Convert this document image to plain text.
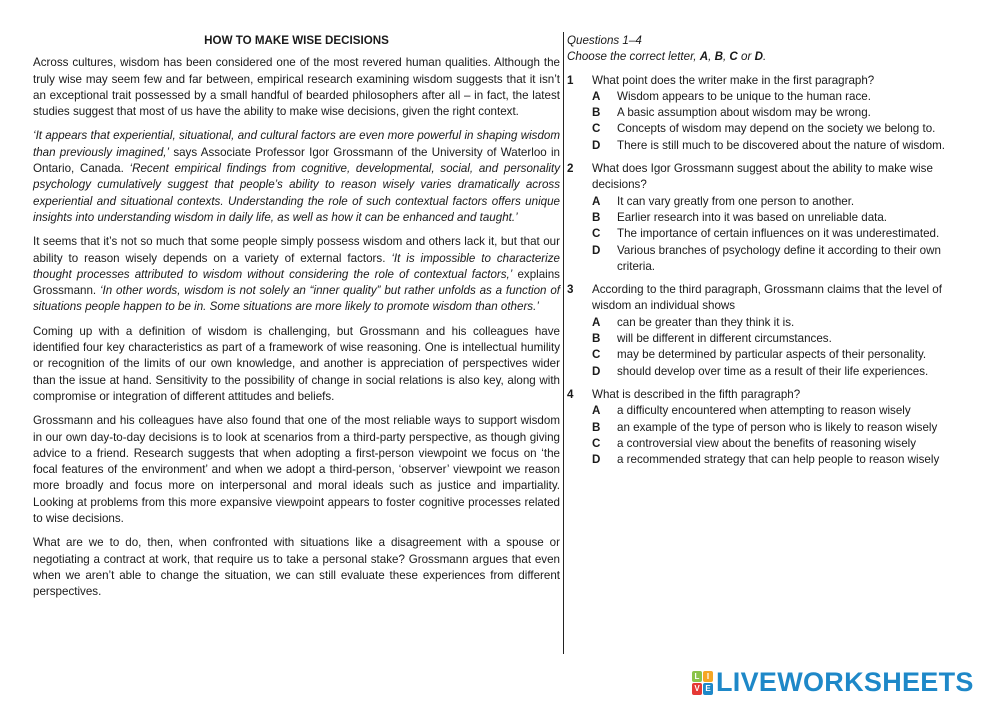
HOW TO MAKE WISE DECISIONS

Across cultures, wisdom has been considered one of the most revered human qualities. Although the truly wise may seem few and far between, empirical research examining wisdom suggests that it isn’t an exceptional trait possessed by a small handful of bearded philosophers after all – in fact, the latest studies suggest that most of us have the ability to make wise decisions, given the right context.

‘It appears that experiential, situational, and cultural factors are even more powerful in shaping wisdom than previously imagined,’ says Associate Professor Igor Grossmann of the University of Waterloo in Ontario, Canada. ‘Recent empirical findings from cognitive, developmental, social, and personality psychology cumulatively suggest that people’s ability to reason wisely varies dramatically across experiential and situational contexts. Understanding the role of such contextual factors offers unique insights into understanding wisdom in daily life, as well as how it can be enhanced and taught.’

It seems that it’s not so much that some people simply possess wisdom and others lack it, but that our ability to reason wisely depends on a variety of external factors. ‘It is impossible to characterize thought processes attributed to wisdom without considering the role of contextual factors,’ explains Grossmann. ‘In other words, wisdom is not solely an “inner quality” but rather unfolds as a function of situations people happen to be in. Some situations are more likely to promote wisdom than others.’

Coming up with a definition of wisdom is challenging, but Grossmann and his colleagues have identified four key characteristics as part of a framework of wise reasoning. One is intellectual humility or recognition of the limits of our own knowledge, and another is appreciation of perspectives wider than the issue at hand. Sensitivity to the possibility of change in social relations is also key, along with compromise or integration of different attitudes and beliefs.

Grossmann and his colleagues have also found that one of the most reliable ways to support wisdom in our own day-to-day decisions is to look at scenarios from a third-party perspective, as though giving advice to a friend. Research suggests that when adopting a first-person viewpoint we focus on ‘the focal features of the environment’ and when we adopt a third-person, ‘observer’ viewpoint we reason more broadly and focus more on interpersonal and moral ideals such as justice and impartiality. Looking at problems from this more expansive viewpoint appears to foster cognitive processes related to wise decisions.

What are we to do, then, when confronted with situations like a disagreement with a spouse or negotiating a contract at work, that require us to take a personal stake? Grossmann argues that even when we aren’t able to change the situation, we can still evaluate these experiences from different perspectives.

Questions 1–4
Choose the correct letter, A, B, C or D.
1	What point does the writer make in the first paragraph?
A	Wisdom appears to be unique to the human race.
B	A basic assumption about wisdom may be wrong.
C	Concepts of wisdom may depend on the society we belong to.
D	There is still much to be discovered about the nature of wisdom.
2	What does Igor Grossmann suggest about the ability to make wise decisions?
A	It can vary greatly from one person to another.
B	Earlier research into it was based on unreliable data.
C	The importance of certain influences on it was underestimated.
D	Various branches of psychology define it according to their own criteria.
3	According to the third paragraph, Grossmann claims that the level of wisdom an individual shows
A	can be greater than they think it is.
B	will be different in different circumstances.
C	may be determined by particular aspects of their personality.
D	should develop over time as a result of their life experiences.
4	What is described in the fifth paragraph?
A	a difficulty encountered when attempting to reason wisely
B	an example of the type of person who is likely to reason wisely
C	a controversial view about the benefits of reasoning wisely
D	a recommended strategy that can help people to reason wisely
L I
V E LIVEWORKSHEETS
